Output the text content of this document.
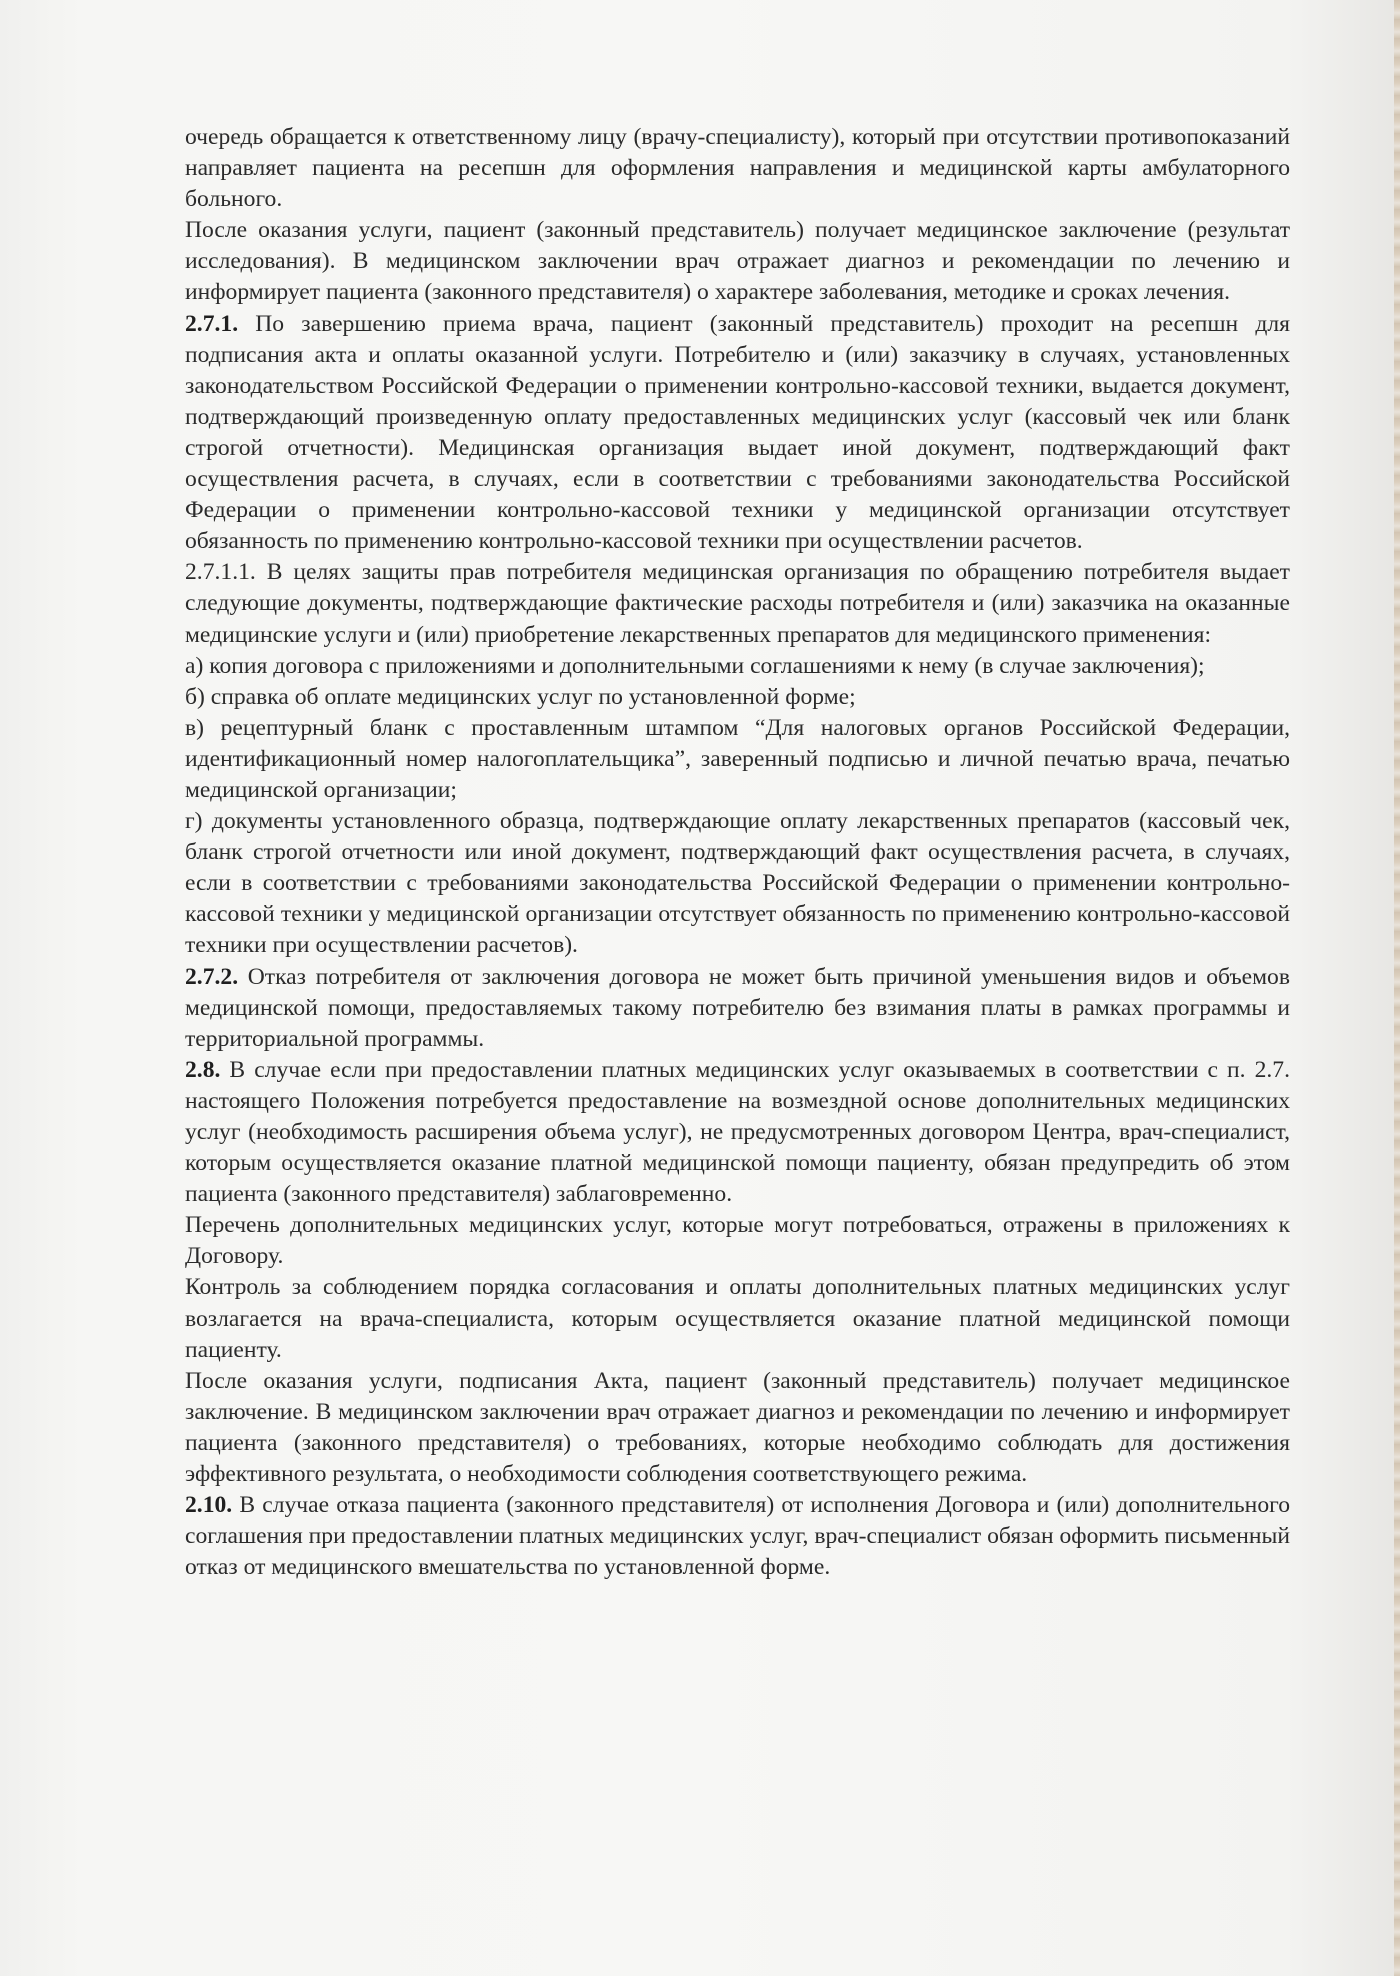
очередь обращается к ответственному лицу (врачу-специалисту), который при отсутствии противопоказаний направляет пациента на ресепшн для оформления направления и медицинской карты амбулаторного больного.

После оказания услуги, пациент (законный представитель) получает медицинское заключение (результат исследования). В медицинском заключении врач отражает диагноз и рекомендации по лечению и информирует пациента (законного представителя) о характере заболевания, методике и сроках лечения.

2.7.1. По завершению приема врача, пациент (законный представитель) проходит на ресепшн для подписания акта и оплаты оказанной услуги. Потребителю и (или) заказчику в случаях, установленных законодательством Российской Федерации о применении контрольно-кассовой техники, выдается документ, подтверждающий произведенную оплату предоставленных медицинских услуг (кассовый чек или бланк строгой отчетности). Медицинская организация выдает иной документ, подтверждающий факт осуществления расчета, в случаях, если в соответствии с требованиями законодательства Российской Федерации о применении контрольно-кассовой техники у медицинской организации отсутствует обязанность по применению контрольно-кассовой техники при осуществлении расчетов.

2.7.1.1. В целях защиты прав потребителя медицинская организация по обращению потребителя выдает следующие документы, подтверждающие фактические расходы потребителя и (или) заказчика на оказанные медицинские услуги и (или) приобретение лекарственных препаратов для медицинского применения:

а) копия договора с приложениями и дополнительными соглашениями к нему (в случае заключения);

б) справка об оплате медицинских услуг по установленной форме;

в) рецептурный бланк с проставленным штампом “Для налоговых органов Российской Федерации, идентификационный номер налогоплательщика”, заверенный подписью и личной печатью врача, печатью медицинской организации;

г) документы установленного образца, подтверждающие оплату лекарственных препаратов (кассовый чек, бланк строгой отчетности или иной документ, подтверждающий факт осуществления расчета, в случаях, если в соответствии с требованиями законодательства Российской Федерации о применении контрольно-кассовой техники у медицинской организации отсутствует обязанность по применению контрольно-кассовой техники при осуществлении расчетов).

2.7.2. Отказ потребителя от заключения договора не может быть причиной уменьшения видов и объемов медицинской помощи, предоставляемых такому потребителю без взимания платы в рамках программы и территориальной программы.

2.8. В случае если при предоставлении платных медицинских услуг оказываемых в соответствии с п. 2.7. настоящего Положения потребуется предоставление на возмездной основе дополнительных медицинских услуг (необходимость расширения объема услуг), не предусмотренных договором Центра, врач-специалист, которым осуществляется оказание платной медицинской помощи пациенту, обязан предупредить об этом пациента (законного представителя) заблаговременно.

Перечень дополнительных медицинских услуг, которые могут потребоваться, отражены в приложениях к Договору.

Контроль за соблюдением порядка согласования и оплаты дополнительных платных медицинских услуг возлагается на врача-специалиста, которым осуществляется оказание платной медицинской помощи пациенту.

После оказания услуги, подписания Акта, пациент (законный представитель) получает медицинское заключение. В медицинском заключении врач отражает диагноз и рекомендации по лечению и информирует пациента (законного представителя) о требованиях, которые необходимо соблюдать для достижения эффективного результата, о необходимости соблюдения соответствующего режима.

2.10. В случае отказа пациента (законного представителя) от исполнения Договора и (или) дополнительного соглашения при предоставлении платных медицинских услуг, врач-специалист обязан оформить письменный отказ от медицинского вмешательства по установленной форме.
